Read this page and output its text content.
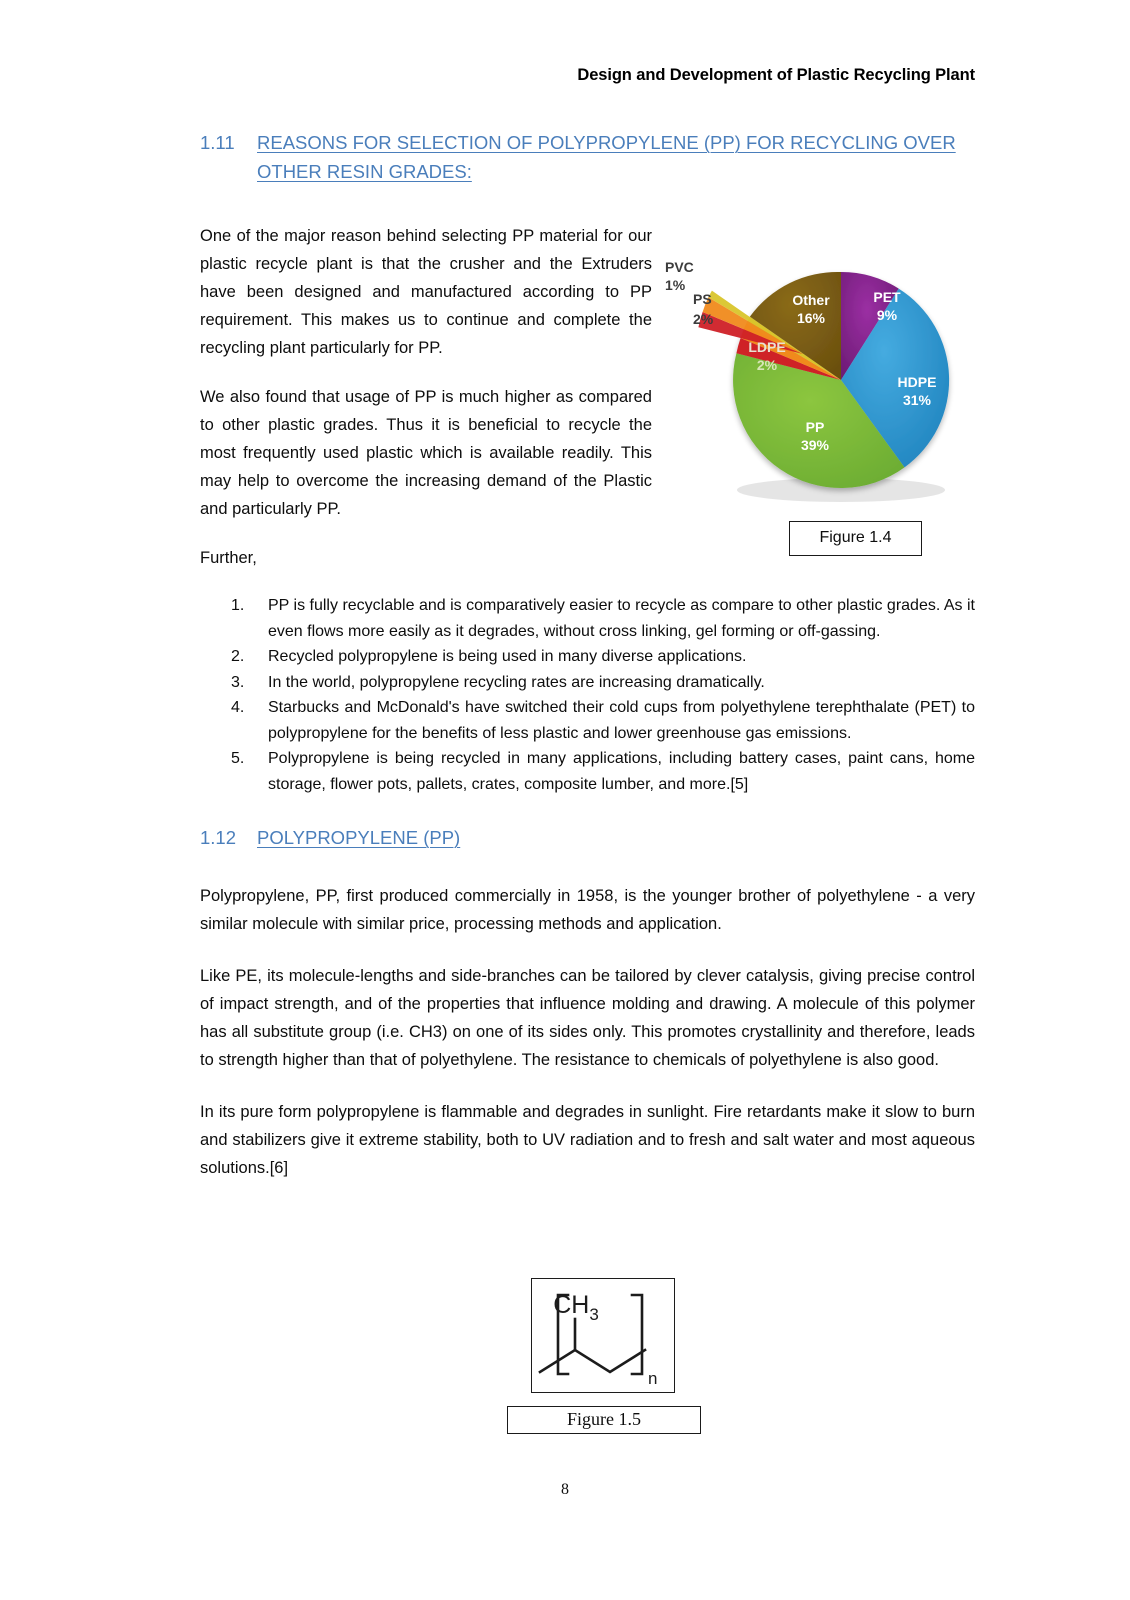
Design and Development of Plastic Recycling Plant
1.11	REASONS FOR SELECTION OF POLYPROPYLENE (PP) FOR RECYCLING OVER OTHER RESIN GRADES:

One of the major reason behind selecting PP material for our plastic recycle plant is that the crusher and the Extruders have been designed and manufactured according to PP requirement. This makes us to continue and complete the recycling plant particularly for PP.

We also found that usage of PP is much higher as compared to other plastic grades. Thus it is beneficial to recycle the most frequently used plastic which is available readily. This may help to overcome the increasing demand of the Plastic and particularly PP.

Further,

PP is fully recyclable and is comparatively easier to recycle as compare to other plastic grades. As it even flows more easily as it degrades, without cross linking, gel forming or off-gassing.
Recycled polypropylene is being used in many diverse applications.
In the world, polypropylene recycling rates are increasing dramatically.
Starbucks and McDonald's have switched their cold cups from polyethylene terephthalate (PET) to polypropylene for the benefits of less plastic and lower greenhouse gas emissions.
Polypropylene is being recycled in many applications, including battery cases, paint cans, home storage, flower pots, pallets, crates, composite lumber, and more.[5]
1.12	POLYPROPYLENE (PP)

Polypropylene, PP, first produced commercially in 1958, is the younger brother of polyethylene - a very similar molecule with similar price, processing methods and application.

Like PE, its molecule-lengths and side-branches can be tailored by clever catalysis, giving precise control of impact strength, and of the properties that influence molding and drawing. A molecule of this polymer has all substitute group (i.e. CH3) on one of its sides only. This promotes crystallinity and therefore, leads to strength higher than that of polyethylene. The resistance to chemicals of polyethylene is also good.

In its pure form polypropylene is flammable and degrades in sunlight. Fire retardants make it slow to burn and stabilizers give it extreme stability, both to UV radiation and to fresh and salt water and most aqueous solutions.[6]

PET
9%
HDPE
31%
PP
39%
Other
16%
LDPE
2%
PVC
1%
PS
2%
Figure 1.4
$CH_3$
n
Figure 1.5
8
